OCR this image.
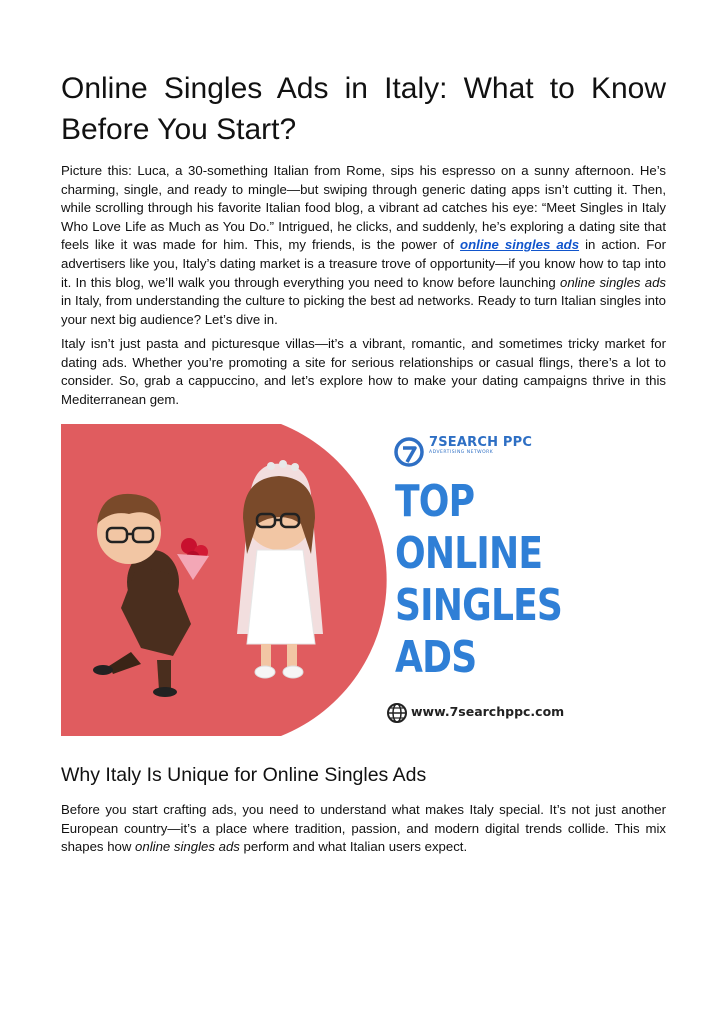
Online Singles Ads in Italy: What to Know Before You Start?

Picture this: Luca, a 30-something Italian from Rome, sips his espresso on a sunny afternoon. He’s charming, single, and ready to mingle—but swiping through generic dating apps isn’t cutting it. Then, while scrolling through his favorite Italian food blog, a vibrant ad catches his eye: “Meet Singles in Italy Who Love Life as Much as You Do.” Intrigued, he clicks, and suddenly, he’s exploring a dating site that feels like it was made for him. This, my friends, is the power of online singles ads in action. For advertisers like you, Italy’s dating market is a treasure trove of opportunity—if you know how to tap into it. In this blog, we’ll walk you through everything you need to know before launching online singles ads in Italy, from understanding the culture to picking the best ad networks. Ready to turn Italian singles into your next big audience? Let’s dive in.

Italy isn’t just pasta and picturesque villas—it’s a vibrant, romantic, and sometimes tricky market for dating ads. Whether you’re promoting a site for serious relationships or casual flings, there’s a lot to consider. So, grab a cappuccino, and let’s explore how to make your dating campaigns thrive in this Mediterranean gem.

7SEARCH PPC
ADVERTISING NETWORK
TOP
ONLINE
SINGLES
ADS
www.7searchppc.com
Why Italy Is Unique for Online Singles Ads

Before you start crafting ads, you need to understand what makes Italy special. It’s not just another European country—it’s a place where tradition, passion, and modern digital trends collide. This mix shapes how online singles ads perform and what Italian users expect.
